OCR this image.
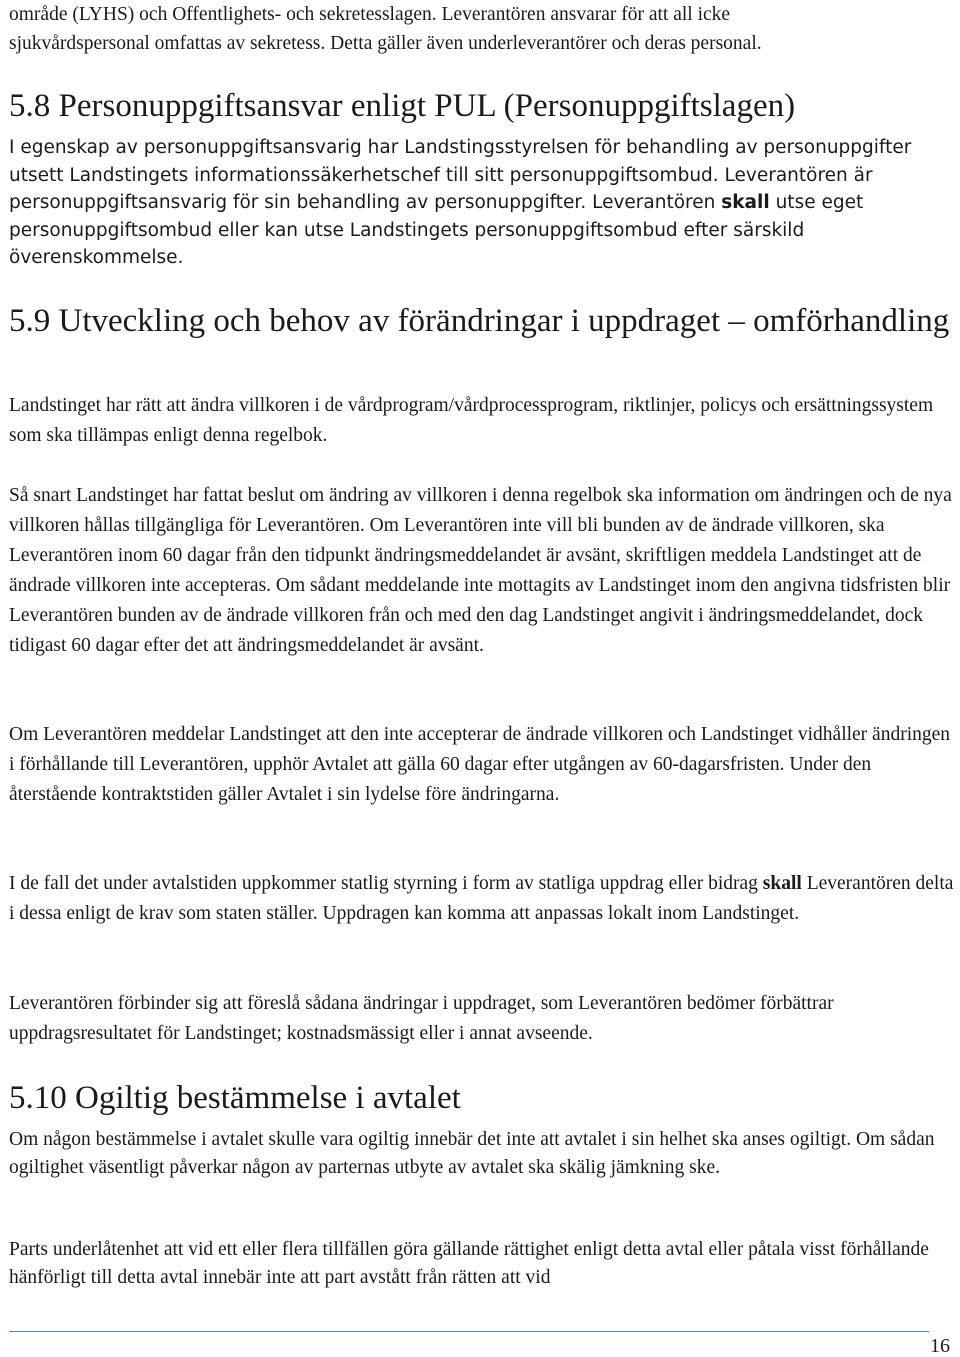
område (LYHS) och Offentlighets- och sekretesslagen. Leverantören ansvarar för att all icke

sjukvårdspersonal omfattas av sekretess. Detta gäller även underleverantörer och deras personal.

5.8 Personuppgiftsansvar enligt PUL (Personuppgiftslagen)

I egenskap av personuppgiftsansvarig har Landstingsstyrelsen för behandling av personuppgifter utsett Landstingets informationssäkerhetschef till sitt personuppgiftsombud. Leverantören är personuppgiftsansvarig för sin behandling av personuppgifter. Leverantören skall utse eget personuppgiftsombud eller kan utse Landstingets personuppgiftsombud efter särskild överenskommelse.

5.9 Utveckling och behov av förändringar i uppdraget – omförhandling

Landstinget har rätt att ändra villkoren i de vårdprogram/vårdprocessprogram, riktlinjer, policys och ersättningssystem som ska tillämpas enligt denna regelbok.

Så snart Landstinget har fattat beslut om ändring av villkoren i denna regelbok ska information om ändringen och de nya villkoren hållas tillgängliga för Leverantören. Om Leverantören inte vill bli bunden av de ändrade villkoren, ska Leverantören inom 60 dagar från den tidpunkt ändringsmeddelandet är avsänt, skriftligen meddela Landstinget att de ändrade villkoren inte accepteras. Om sådant meddelande inte mottagits av Landstinget inom den angivna tidsfristen blir Leverantören bunden av de ändrade villkoren från och med den dag Landstinget angivit i ändringsmeddelandet, dock tidigast 60 dagar efter det att ändringsmeddelandet är avsänt.

Om Leverantören meddelar Landstinget att den inte accepterar de ändrade villkoren och Landstinget vidhåller ändringen i förhållande till Leverantören, upphör Avtalet att gälla 60 dagar efter utgången av 60-dagarsfristen. Under den återstående kontraktstiden gäller Avtalet i sin lydelse före ändringarna.

I de fall det under avtalstiden uppkommer statlig styrning i form av statliga uppdrag eller bidrag skall Leverantören delta i dessa enligt de krav som staten ställer. Uppdragen kan komma att anpassas lokalt inom Landstinget.

Leverantören förbinder sig att föreslå sådana ändringar i uppdraget, som Leverantören bedömer förbättrar uppdragsresultatet för Landstinget; kostnadsmässigt eller i annat avseende.

5.10 Ogiltig bestämmelse i avtalet

Om någon bestämmelse i avtalet skulle vara ogiltig innebär det inte att avtalet i sin helhet ska anses ogiltigt. Om sådan ogiltighet väsentligt påverkar någon av parternas utbyte av avtalet ska skälig jämkning ske.

Parts underlåtenhet att vid ett eller flera tillfällen göra gällande rättighet enligt detta avtal eller påtala visst förhållande hänförligt till detta avtal innebär inte att part avstått från rätten att vid

16
